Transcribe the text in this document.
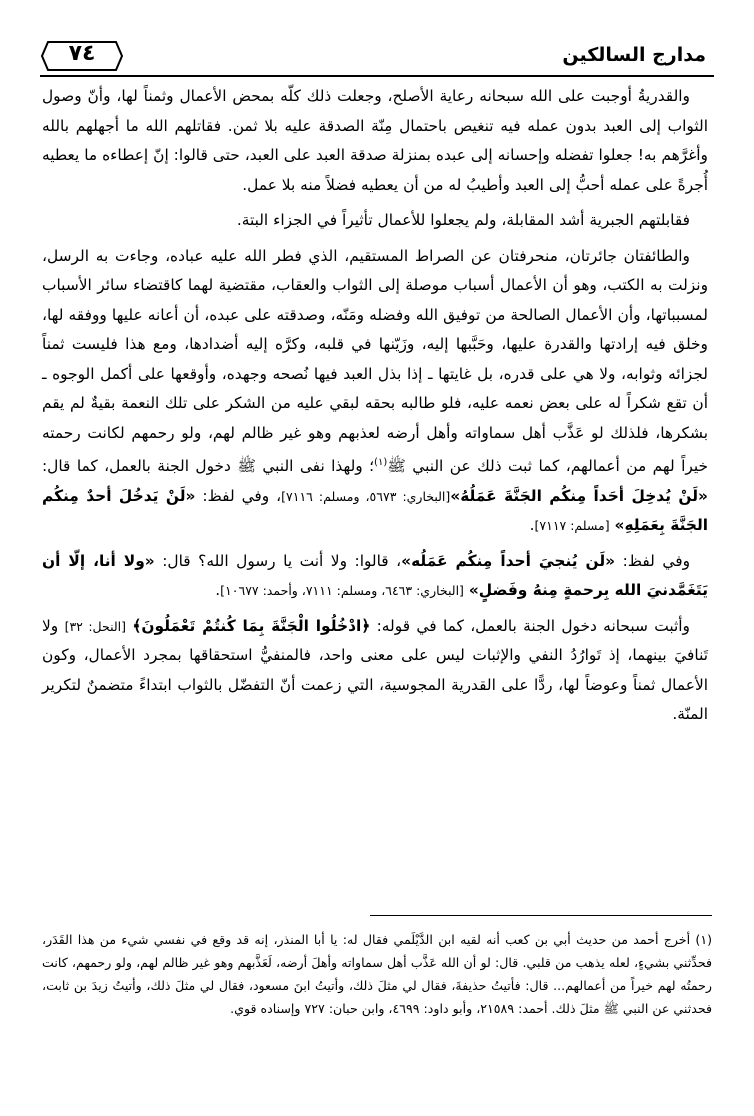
٧٤	مدارج السالكين

والقدريةُ أوجبت على الله سبحانه رعاية الأصلح، وجعلت ذلك كلّه بمحض الأعمال وثمناً لها، وأنّ وصول الثواب إلى العبد بدون عمله فيه تنغيص باحتمال مِنّة الصدقة عليه بلا ثمن. فقاتلهم الله ما أجهلهم بالله وأغرَّهم به! جعلوا تفضله وإحسانه إلى عبده بمنزلة صدقة العبد على العبد، حتى قالوا: إنّ إعطاءه ما يعطيه أُجرةً على عمله أحبُّ إلى العبد وأطيبُ له من أن يعطيه فضلاً منه بلا عمل.

فقابلتهم الجبرية أشد المقابلة، ولم يجعلوا للأعمال تأثيراً في الجزاء البتة.

والطائفتان جائرتان، منحرفتان عن الصراط المستقيم، الذي فطر الله عليه عباده، وجاءت به الرسل، ونزلت به الكتب، وهو أن الأعمال أسباب موصلة إلى الثواب والعقاب، مقتضية لهما كاقتضاء سائر الأسباب لمسبباتها، وأن الأعمال الصالحة من توفيق الله وفضله ومَنّه، وصدقته على عبده، أن أعانه عليها ووفقه لها، وخلق فيه إرادتها والقدرة عليها، وحَبَّبها إليه، وزَيّنها في قلبه، وكرَّه إليه أضدادها، ومع هذا فليست ثمناً لجزائه وثوابه، ولا هي على قدره، بل غايتها ـ إذا بذل العبد فيها نُصحه وجهده، وأوقعها على أكمل الوجوه ـ أن تقع شكراً له على بعض نعمه عليه، فلو طالبه بحقه لبقي عليه من الشكر على تلك النعمة بقيةٌ لم يقم بشكرها، فلذلك لو عَذَّب أهل سماواته وأهل أرضه لعذبهم وهو غير ظالم لهم، ولو رحمهم لكانت رحمته خيراً لهم من أعمالهم، كما ثبت ذلك عن النبي ﷺ$^{(١)}$؛ ولهذا نفى النبي ﷺ دخول الجنة بالعمل، كما قال: «لَنْ يُدخِلَ أحَداً مِنكُم الجَنَّةَ عَمَلُهُ»[البخاري: ٥٦٧٣، ومسلم: ٧١١٦]، وفي لفظ: «لَنْ يَدخُلَ أحدٌ مِنكُم الجَنَّةَ بِعَمَلِهِ» [مسلم: ٧١١٧].

وفي لفظ: «لَن يُنجيَ أحداً مِنكُم عَمَلُه»، قالوا: ولا أنت يا رسول الله؟ قال: «ولا أنا، إلّا أن يَتَغَمَّدنيَ الله بِرحمةٍ مِنهُ وفَضلٍ» [البخاري: ٦٤٦٣، ومسلم: ٧١١١، وأحمد: ١٠٦٧٧].

وأثبت سبحانه دخول الجنة بالعمل، كما في قوله: ﴿ادْخُلُوا الْجَنَّةَ بِمَا كُنتُمْ تَعْمَلُونَ﴾ [النحل: ٣٢] ولا تَنافيَ بينهما، إذ تَوارُدُ النفي والإثبات ليس على معنى واحد، فالمنفيُّ استحقاقها بمجرد الأعمال، وكون الأعمال ثمناً وعوضاً لها، ردًّا على القدرية المجوسية، التي زعمت أنّ التفضّل بالثواب ابتداءً متضمنٌ لتكرير المنّة.

(١) أخرج أحمد من حديث أبي بن كعب أنه لقيه ابن الدَّيْلَمي فقال له: يا أبا المنذر، إنه قد وقع في نفسي شيء من هذا القَدَر، فحدِّثني بشيءٍ، لعله يذهب من قلبي. قال: لو أن الله عَذَّب أهل سماواته وأهلَ أرضه، لَعَذَّبهم وهو غير ظالم لهم، ولو رحمهم، كانت رحمتُه لهم خيراً من أعمالهم... قال: فأتيتُ حذيفةَ، فقال لي مثلَ ذلك، وأتيتُ ابنَ مسعود، فقال لي مثلَ ذلك، وأتيتُ زيدَ بن ثابت، فحدثني عن النبي ﷺ مثلَ ذلك. أحمد: ٢١٥٨٩، وأبو داود: ٤٦٩٩، وابن حبان: ٧٢٧ وإسناده قوي.
